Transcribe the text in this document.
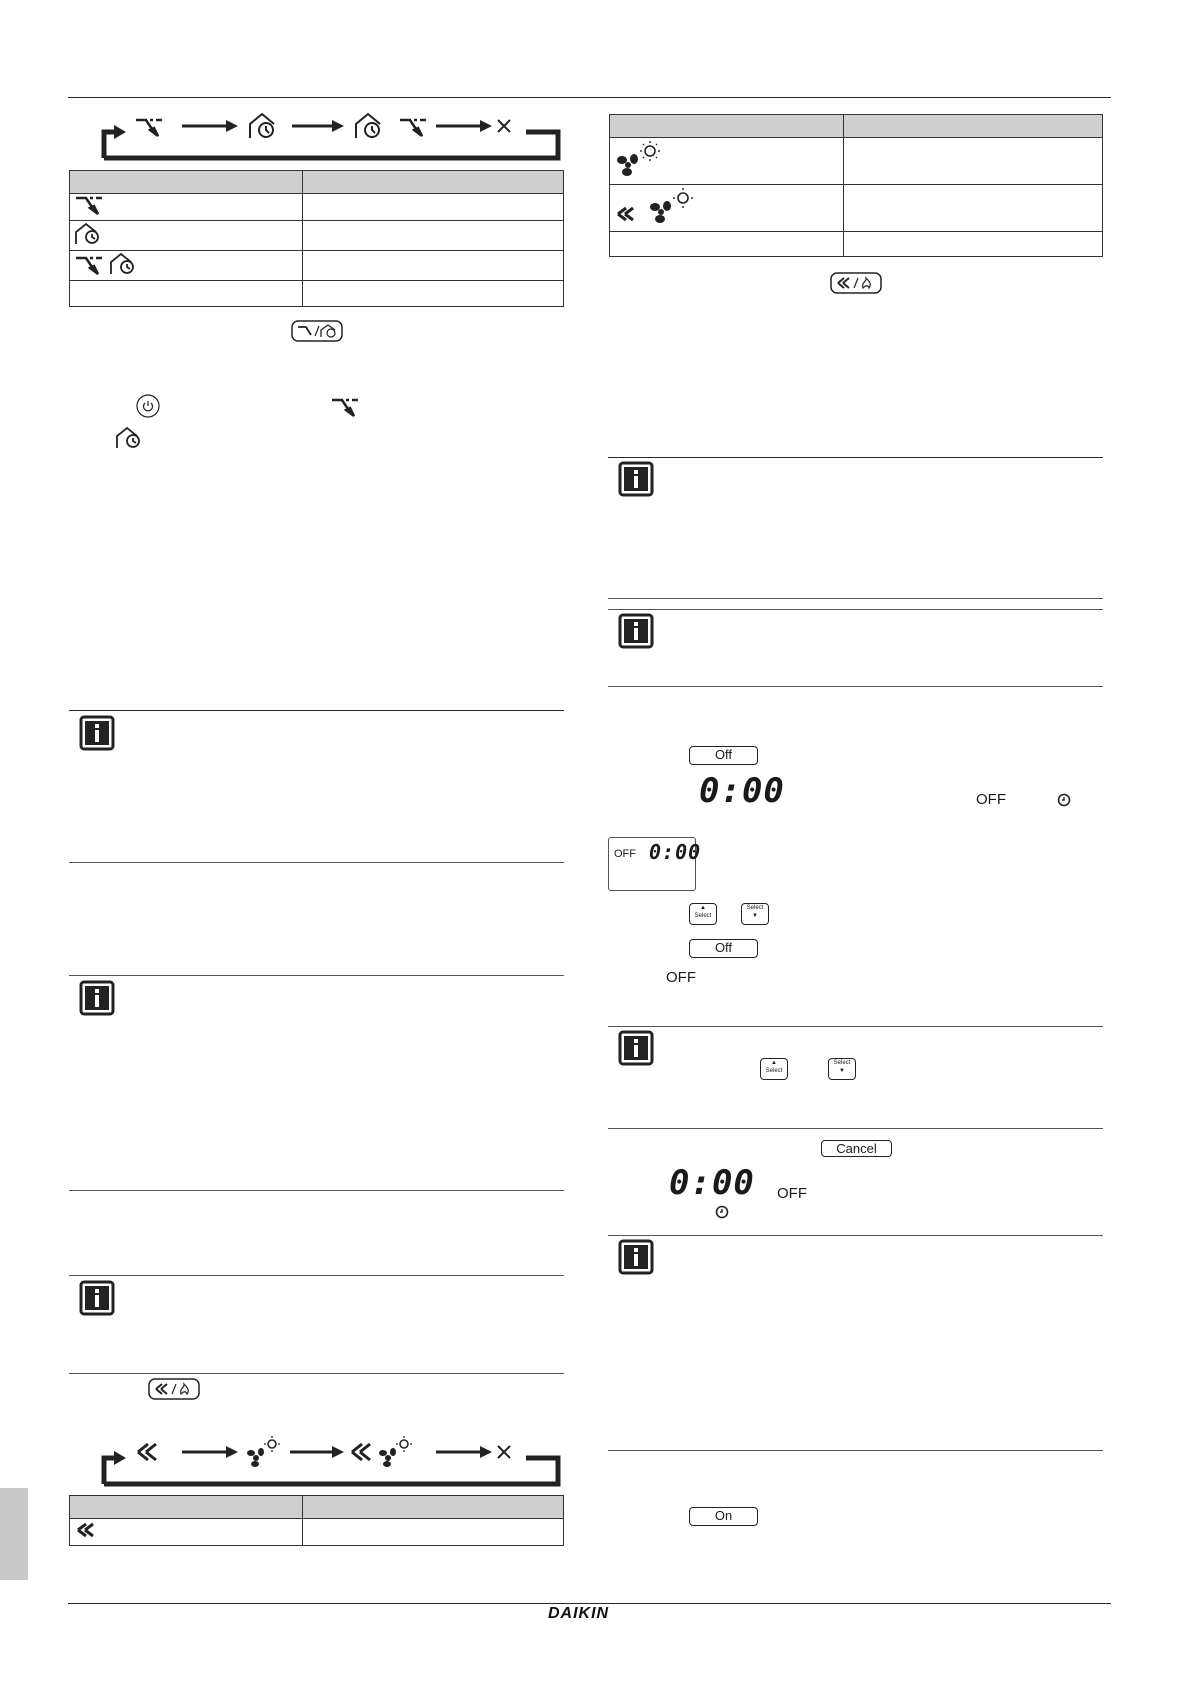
DAIKIN

Off
0:00	OFF
OFF 0:00
▲
Select
Select
▼
Off
OFF
▲
Select
Select
▼
Cancel
0:00 OFF
On
